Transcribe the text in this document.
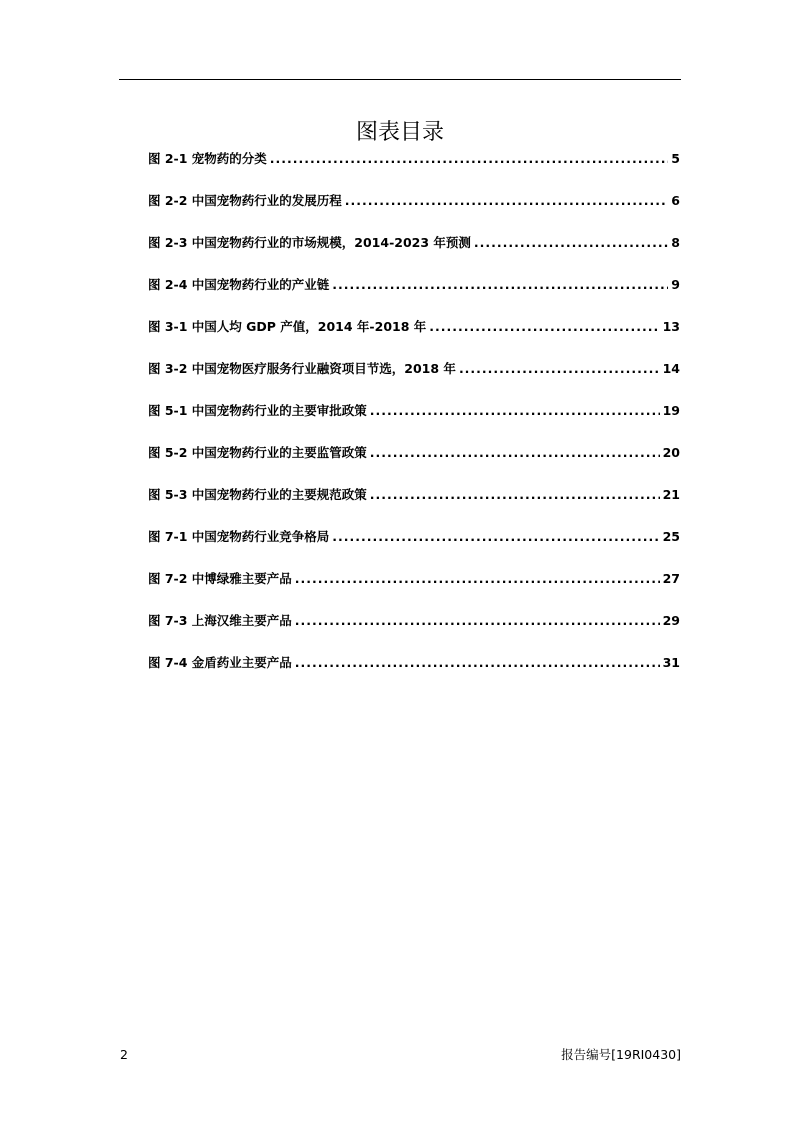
图表目录
图 2-1 宠物药的分类 .....	5
图 2-2 中国宠物药行业的发展历程 .....	6
图 2-3 中国宠物药行业的市场规模，2014-2023 年预测 .....	8
图 2-4 中国宠物药行业的产业链 .....	9
图 3-1 中国人均 GDP 产值，2014 年-2018 年 .....	13
图 3-2 中国宠物医疗服务行业融资项目节选，2018 年 .....	14
图 5-1 中国宠物药行业的主要审批政策 .....	19
图 5-2 中国宠物药行业的主要监管政策 .....	20
图 5-3 中国宠物药行业的主要规范政策 .....	21
图 7-1 中国宠物药行业竞争格局 .....	25
图 7-2 中博绿雅主要产品 .....	27
图 7-3 上海汉维主要产品 .....	29
图 7-4 金盾药业主要产品 .....	31
2	报告编号[19RI0430]
